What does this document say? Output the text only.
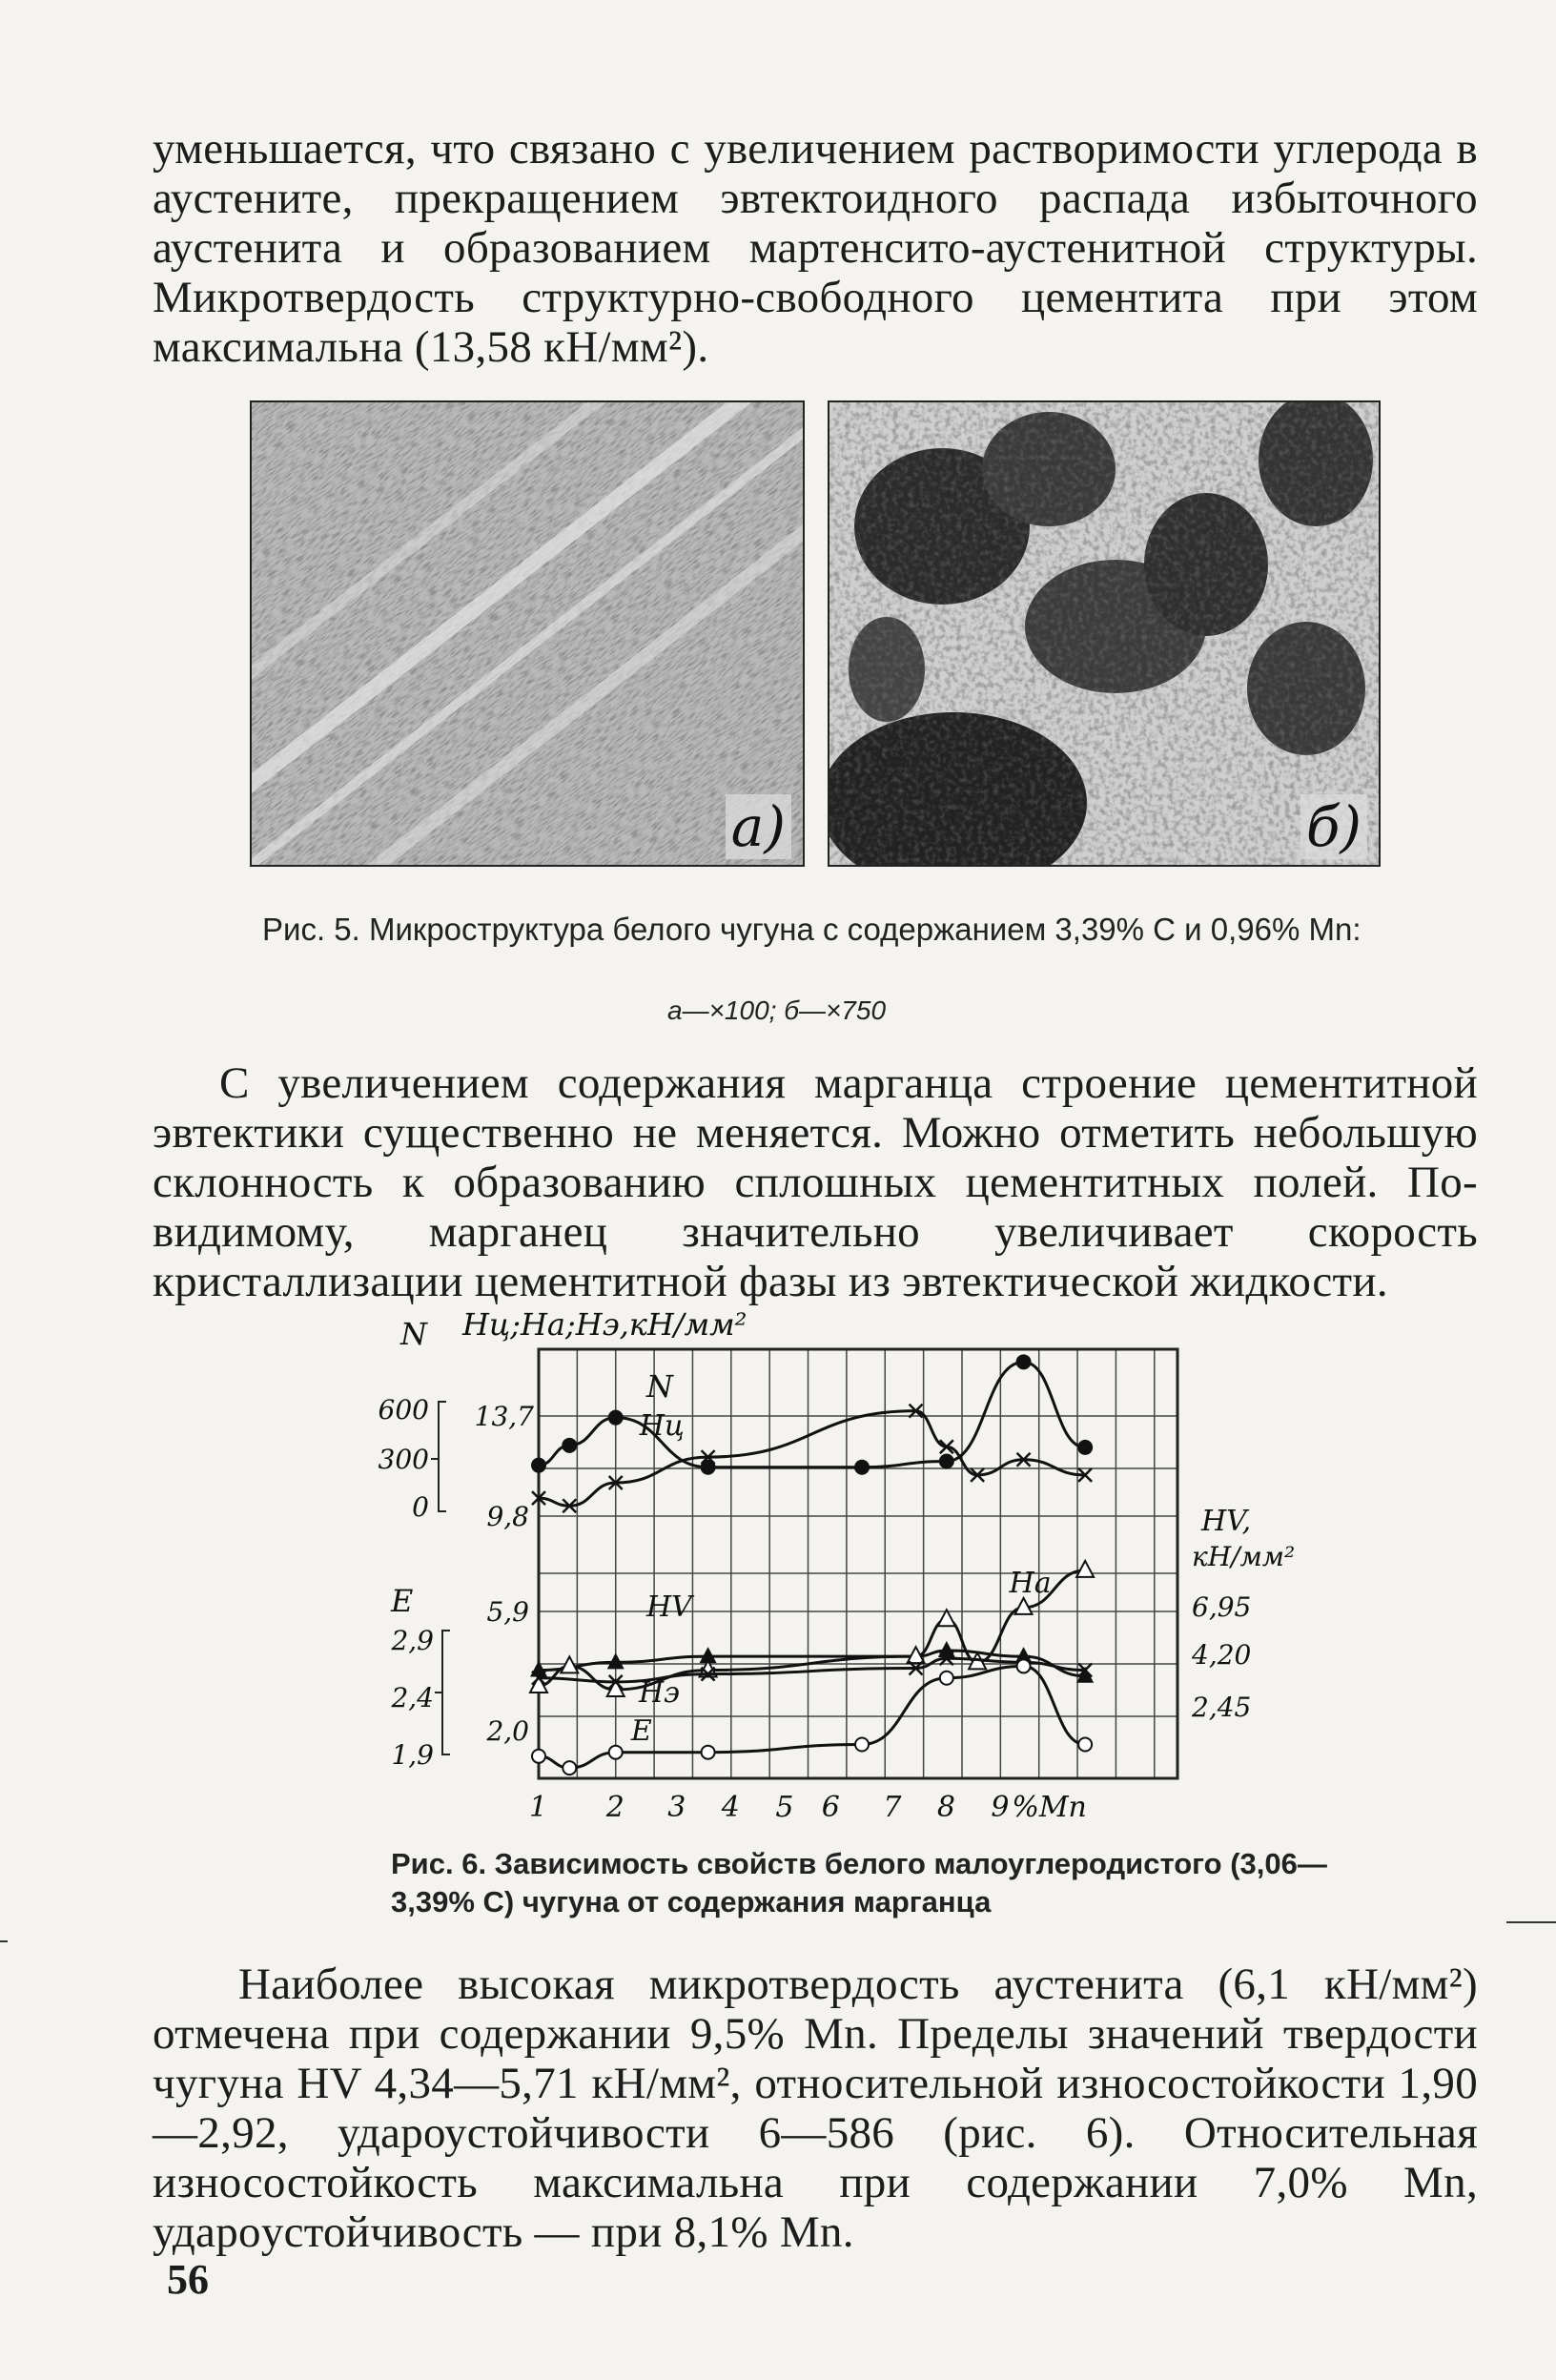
уменьшается, что связано с увеличением растворимости углерода в аустените, прекращением эвтектоидного распада избыточного аустенита и образованием мартенсито-аустенитной структуры. Микротвердость структурно-свободного цементита при этом максимальна (13,58 кН/мм²).

а)	б)
Рис. 5. Микроструктура белого чугуна с содержанием 3,39% С и 0,96% Mn:
а—×100; б—×750

С увеличением содержания марганца строение цементитной эвтектики существенно не меняется. Можно отметить небольшую склонность к образованию сплошных цементитных полей. По-видимому, марганец значительно увеличивает скорость кристаллизации цементитной фазы из эвтектической жидкости.

N Hц;Hа;Hэ,кН/мм²
600
300
0
13,7
9,8
E
2,9
2,4
1,9
5,9
2,0
HV,
кН/мм²
6,95
4,20
2,45
1 2 3 4 5 6 7 8 9 %Mn
N
Hц
HV
Hа
Hэ
E
Рис. 6. Зависимость свойств белого малоуглеродистого (3,06—3,39% С) чугуна от содержания марганца

Наиболее высокая микротвердость аустенита (6,1 кН/мм²) отмечена при содержании 9,5% Mn. Пределы значений твердости чугуна HV 4,34—5,71 кН/мм², относительной износостойкости 1,90—2,92, удароустойчивости 6—586 (рис. 6). Относительная износостойкость максимальна при содержании 7,0% Mn, ударoустойчивость — при 8,1% Mn.

56
